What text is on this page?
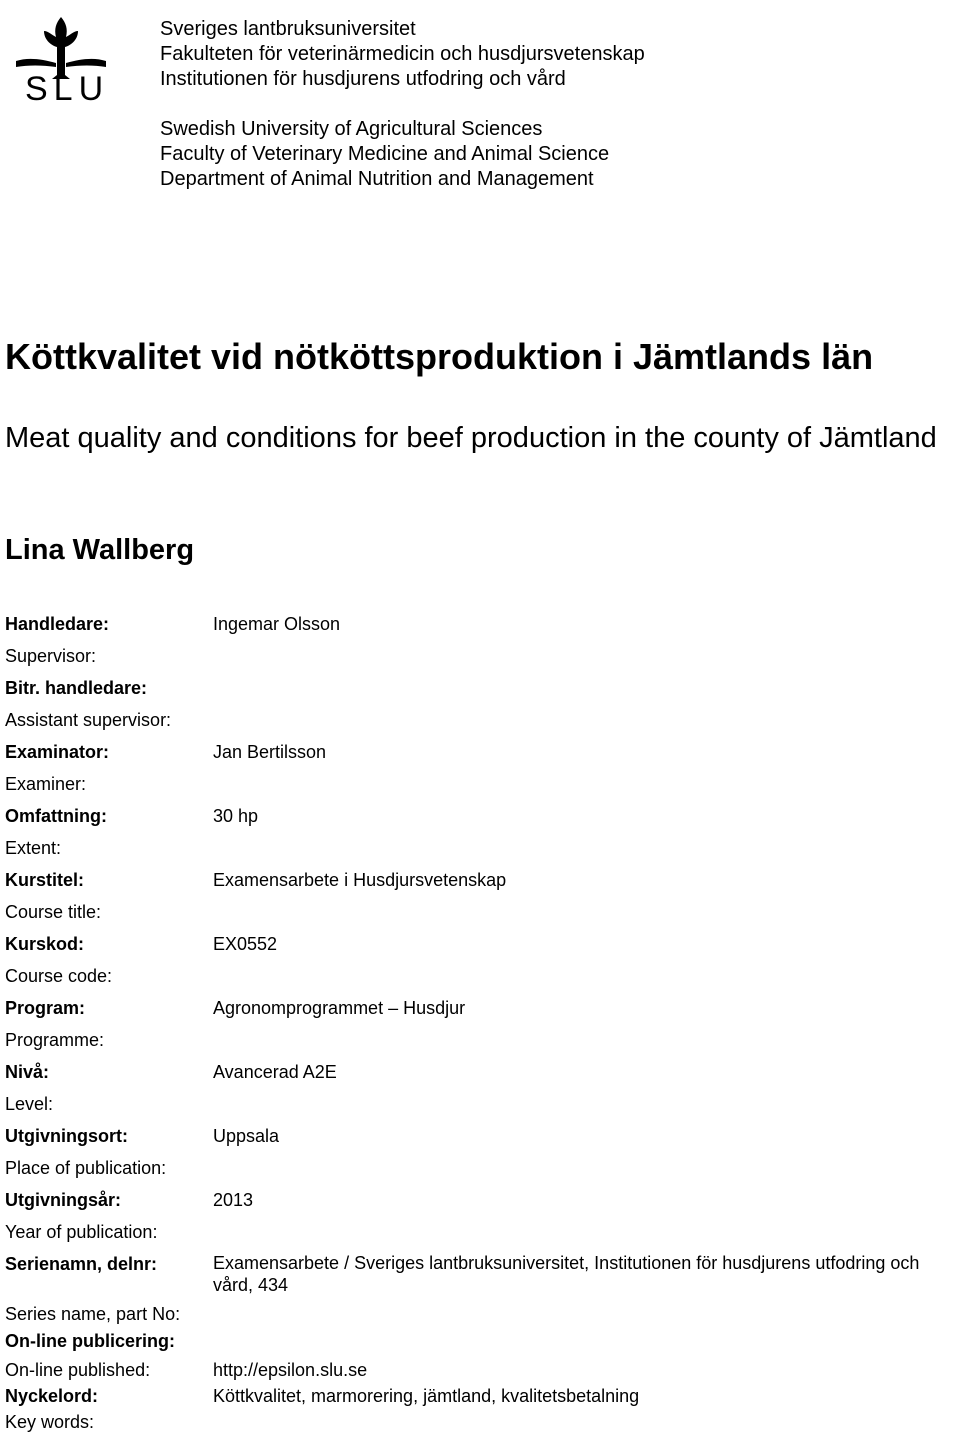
SLU
Sveriges lantbruksuniversitet
Fakulteten för veterinärmedicin och husdjursvetenskap
Institutionen för husdjurens utfodring och vård
Swedish University of Agricultural Sciences
Faculty of Veterinary Medicine and Animal Science
Department of Animal Nutrition and Management
Köttkvalitet vid nötköttsproduktion i Jämtlands län
Meat quality and conditions for beef production in the county of Jämtland
Lina Wallberg
Handledare:	Ingemar Olsson
Supervisor:
Bitr. handledare:
Assistant supervisor:
Examinator:	Jan Bertilsson
Examiner:
Omfattning:	30 hp
Extent:
Kurstitel:	Examensarbete i Husdjursvetenskap
Course title:
Kurskod:	EX0552
Course code:
Program:	Agronomprogrammet – Husdjur
Programme:
Nivå:	Avancerad A2E
Level:
Utgivningsort:	Uppsala
Place of publication:
Utgivningsår:	2013
Year of publication:
Serienamn, delnr:	Examensarbete / Sveriges lantbruksuniversitet, Institutionen för husdjurens utfodring och vård, 434
Series name, part No:
On-line publicering:
On-line published:	http://epsilon.slu.se
Nyckelord:	Köttkvalitet, marmorering, jämtland, kvalitetsbetalning
Key words:
